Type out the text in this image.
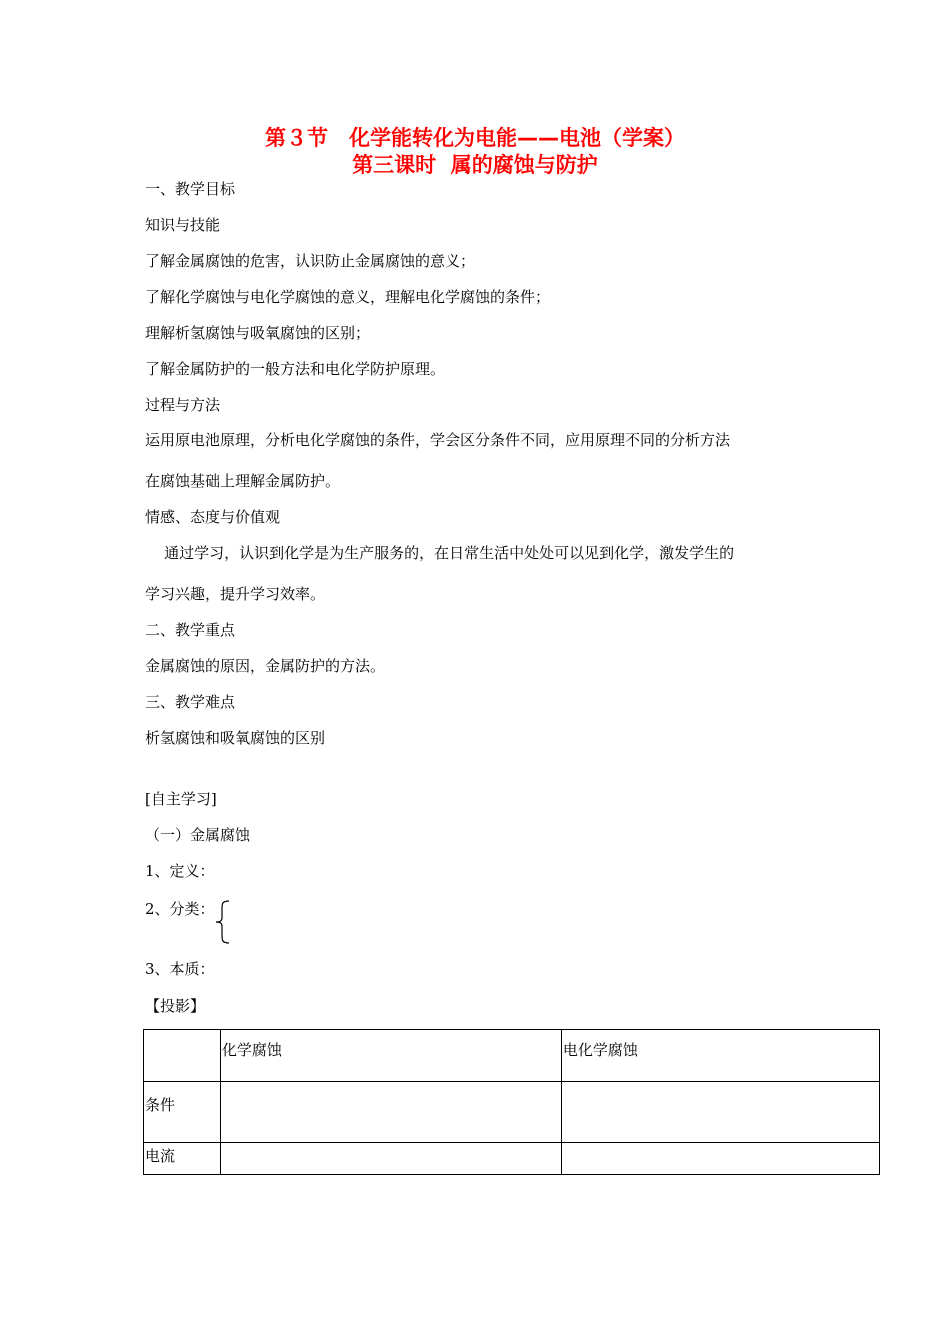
第３节　化学能转化为电能——电池（学案）
第三课时  属的腐蚀与防护
一、教学目标
知识与技能
了解金属腐蚀的危害，认识防止金属腐蚀的意义；
了解化学腐蚀与电化学腐蚀的意义，理解电化学腐蚀的条件；
理解析氢腐蚀与吸氧腐蚀的区别；
了解金属防护的一般方法和电化学防护原理。
过程与方法
运用原电池原理，分析电化学腐蚀的条件，学会区分条件不同，应用原理不同的分析方法
在腐蚀基础上理解金属防护。
情感、态度与价值观
通过学习，认识到化学是为生产服务的，在日常生活中处处可以见到化学，激发学生的
学习兴趣，提升学习效率。
二、教学重点
金属腐蚀的原因，金属防护的方法。
三、教学难点
析氢腐蚀和吸氧腐蚀的区别
[自主学习]
（一）金属腐蚀
1、定义：
2、分类：
3、本质：
【投影】
	化学腐蚀	电化学腐蚀
条件		
电流		
